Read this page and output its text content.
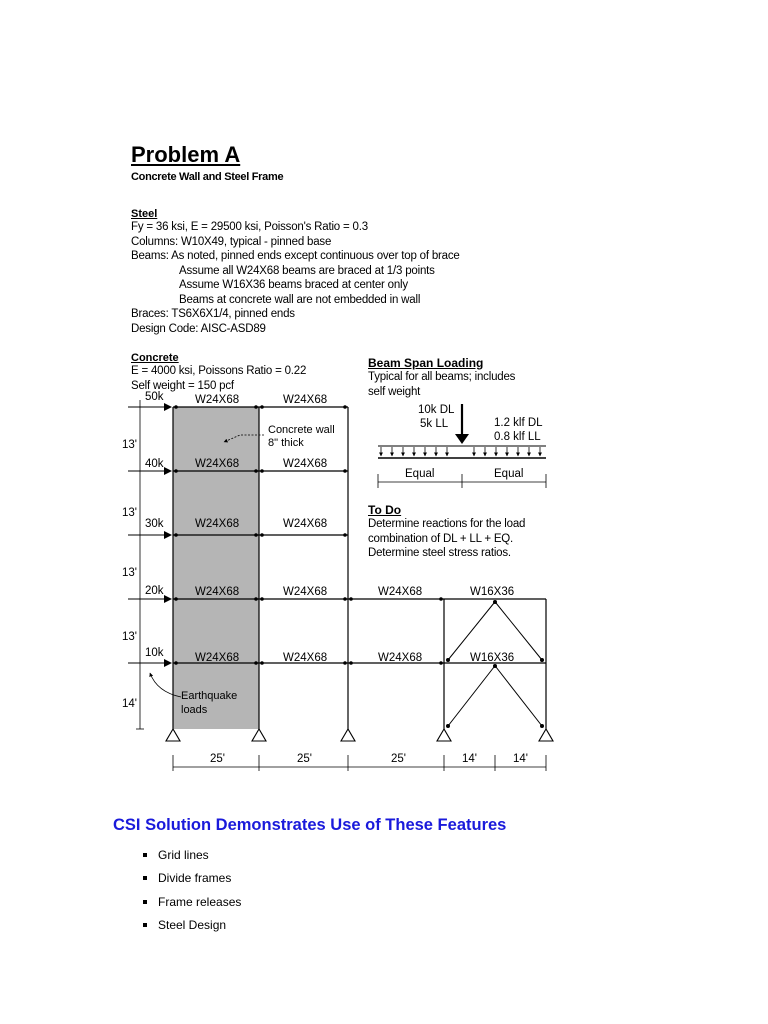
Problem A
Concrete Wall and Steel Frame
Steel
Fy = 36 ksi, E = 29500 ksi, Poisson's Ratio = 0.3
Columns: W10X49, typical - pinned base
Beams: As noted, pinned ends except continuous over top of brace
Assume all W24X68 beams are braced at 1/3 points
Assume W16X36 beams braced at center only
Beams at concrete wall are not embedded in wall
Braces: TS6X6X1/4, pinned ends
Design Code: AISC-ASD89
Concrete
E = 4000 ksi, Poissons Ratio = 0.22
Self weight = 150 pcf
Beam Span Loading
Typical for all beams; includes
self weight
To Do
Determine reactions for the load
combination of DL + LL + EQ.
Determine steel stress ratios.
50k
40k
30k
20k
10k
13'
13'
13'
13'
14'
W24X68	W24X68
W24X68	W24X68
W24X68	W24X68
W24X68	W24X68	W24X68	W16X36
W24X68	W24X68	W24X68	W16X36
Concrete wall
8" thick
Earthquake
loads
25'	25'	25'	14'	14'
10k DL
5k LL	1.2 klf DL
0.8 klf LL
Equal	Equal
CSI Solution Demonstrates Use of These Features
Grid lines
Divide frames
Frame releases
Steel Design
